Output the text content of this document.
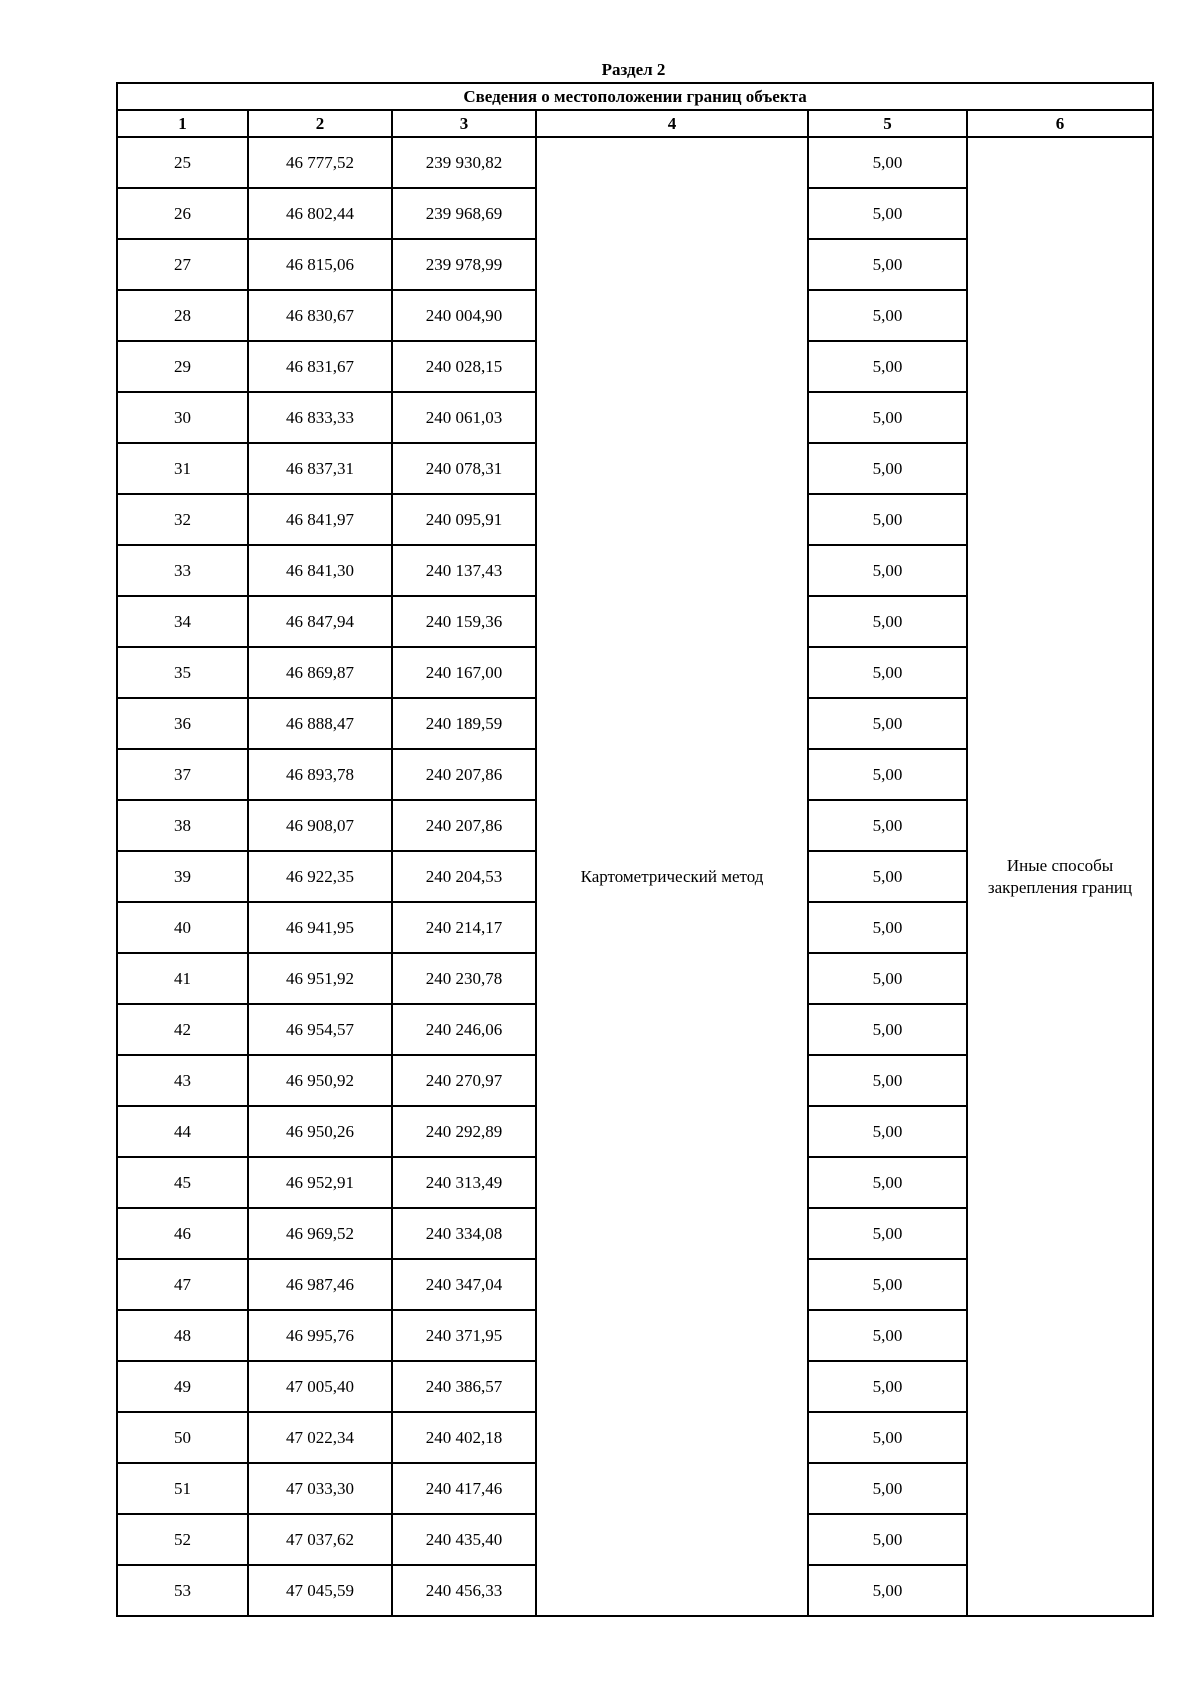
Раздел 2
Сведения о местоположении границ объекта					
1	2	3	4	5	6
25	46 777,52	239 930,82	Картометрический метод	5,00	Иные способы закрепления границ
26	46 802,44	239 968,69		5,00	
27	46 815,06	239 978,99		5,00	
28	46 830,67	240 004,90		5,00	
29	46 831,67	240 028,15		5,00	
30	46 833,33	240 061,03		5,00	
31	46 837,31	240 078,31		5,00	
32	46 841,97	240 095,91		5,00	
33	46 841,30	240 137,43		5,00	
34	46 847,94	240 159,36		5,00	
35	46 869,87	240 167,00		5,00	
36	46 888,47	240 189,59		5,00	
37	46 893,78	240 207,86		5,00	
38	46 908,07	240 207,86		5,00	
39	46 922,35	240 204,53		5,00	
40	46 941,95	240 214,17		5,00	
41	46 951,92	240 230,78		5,00	
42	46 954,57	240 246,06		5,00	
43	46 950,92	240 270,97		5,00	
44	46 950,26	240 292,89		5,00	
45	46 952,91	240 313,49		5,00	
46	46 969,52	240 334,08		5,00	
47	46 987,46	240 347,04		5,00	
48	46 995,76	240 371,95		5,00	
49	47 005,40	240 386,57		5,00	
50	47 022,34	240 402,18		5,00	
51	47 033,30	240 417,46		5,00	
52	47 037,62	240 435,40		5,00	
53	47 045,59	240 456,33		5,00	
